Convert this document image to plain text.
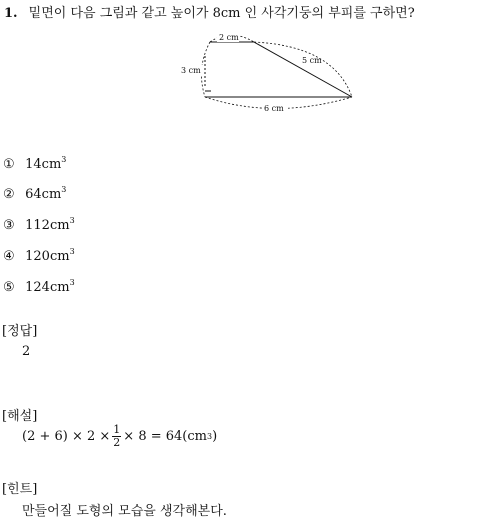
1. 밑면이 다음 그림과 같고 높이가 8cm 인 사각기둥의 부피를 구하면?
2 cm
3 cm
5 cm
6 cm
① $14cm^3$
② $64cm^3$
③ $112cm^3$
④ $120cm^3$
⑤ $124cm^3$
[정답]
2
[해설]
$(2 + 6) \times 2 \times \frac{1}{2} \times 8 = 64(cm$ 3 )
[힌트]
만들어질 도형의 모습을 생각해본다.
